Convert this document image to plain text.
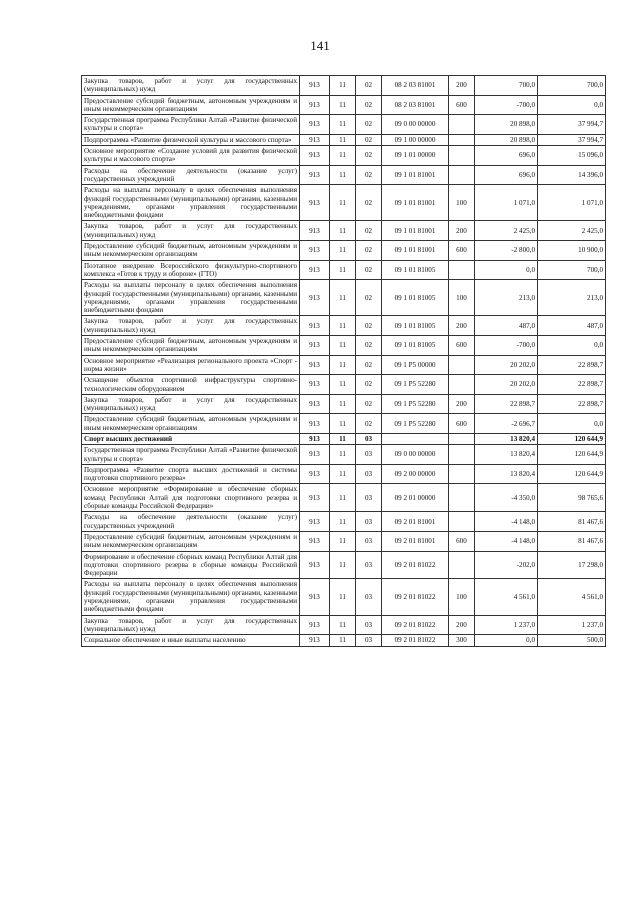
141
Закупка товаров, работ и услуг для государственных (муниципальных) нужд	913	11	02	08 2 03 81001	200	700,0	700,0
Предоставление субсидий бюджетным, автономным учреждениям и иным некоммерческим организациям	913	11	02	08 2 03 81001	600	-700,0	0,0
Государственная программа Республики Алтай «Развитие физической культуры и спорта»	913	11	02	09 0 00 00000		20 898,0	37 994,7
Подпрограмма «Развитие физической культуры и массового спорта»	913	11	02	09 1 00 00000		20 898,0	37 994,7
Основное мероприятие «Создание условий для развития физической культуры и массового спорта»	913	11	02	09 1 01 00000		696,0	15 096,0
Расходы на обеспечение деятельности (оказание услуг) государственных учреждений	913	11	02	09 1 01 81001		696,0	14 396,0
Расходы на выплаты персоналу в целях обеспечения выполнения функций государственными (муниципальными) органами, казенными учреждениями, органами управления государственными внебюджетными фондами	913	11	02	09 1 01 81001	100	1 071,0	1 071,0
Закупка товаров, работ и услуг для государственных (муниципальных) нужд	913	11	02	09 1 01 81001	200	2 425,0	2 425,0
Предоставление субсидий бюджетным, автономным учреждениям и иным некоммерческим организациям	913	11	02	09 1 01 81001	600	-2 800,0	10 900,0
Поэтапное внедрение Всероссийского физкультурно-спортивного комплекса «Готов к труду и обороне» (ГТО)	913	11	02	09 1 01 81005		0,0	700,0
Расходы на выплаты персоналу в целях обеспечения выполнения функций государственными (муниципальными) органами, казенными учреждениями, органами управления государственными внебюджетными фондами	913	11	02	09 1 01 81005	100	213,0	213,0
Закупка товаров, работ и услуг для государственных (муниципальных) нужд	913	11	02	09 1 01 81005	200	487,0	487,0
Предоставление субсидий бюджетным, автономным учреждениям и иным некоммерческим организациям	913	11	02	09 1 01 81005	600	-700,0	0,0
Основное мероприятие «Реализация регионального проекта «Спорт - норма жизни»	913	11	02	09 1 P5 00000		20 202,0	22 898,7
Оснащение объектов спортивной инфраструктуры спортивно-технологическим оборудованием	913	11	02	09 1 P5 52280		20 202,0	22 898,7
Закупка товаров, работ и услуг для государственных (муниципальных) нужд	913	11	02	09 1 P5 52280	200	22 898,7	22 898,7
Предоставление субсидий бюджетным, автономным учреждениям и иным некоммерческим организациям	913	11	02	09 1 P5 52280	600	-2 696,7	0,0
Спорт высших достижений	913	11	03			13 820,4	120 644,9
Государственная программа Республики Алтай «Развитие физической культуры и спорта»	913	11	03	09 0 00 00000		13 820,4	120 644,9
Подпрограмма «Развитие спорта высших достижений и системы подготовки спортивного резерва»	913	11	03	09 2 00 00000		13 820,4	120 644,9
Основное мероприятие «Формирование и обеспечение сборных команд Республики Алтай для подготовки спортивного резерва и сборные команды Российской Федерации»	913	11	03	09 2 01 00000		-4 350,0	98 765,6
Расходы на обеспечение деятельности (оказание услуг) государственных учреждений	913	11	03	09 2 01 81001		-4 148,0	81 467,6
Предоставление субсидий бюджетным, автономным учреждениям и иным некоммерческим организациям	913	11	03	09 2 01 81001	600	-4 148,0	81 467,6
Формирование и обеспечение сборных команд Республики Алтай для подготовки спортивного резерва в сборные команды Российской Федерации	913	11	03	09 2 01 81022		-202,0	17 298,0
Расходы на выплаты персоналу в целях обеспечения выполнения функций государственными (муниципальными) органами, казенными учреждениями, органами управления государственными внебюджетными фондами	913	11	03	09 2 01 81022	100	4 561,0	4 561,0
Закупка товаров, работ и услуг для государственных (муниципальных) нужд	913	11	03	09 2 01 81022	200	1 237,0	1 237,0
Социальное обеспечение и иные выплаты населению	913	11	03	09 2 01 81022	300	0,0	500,0
